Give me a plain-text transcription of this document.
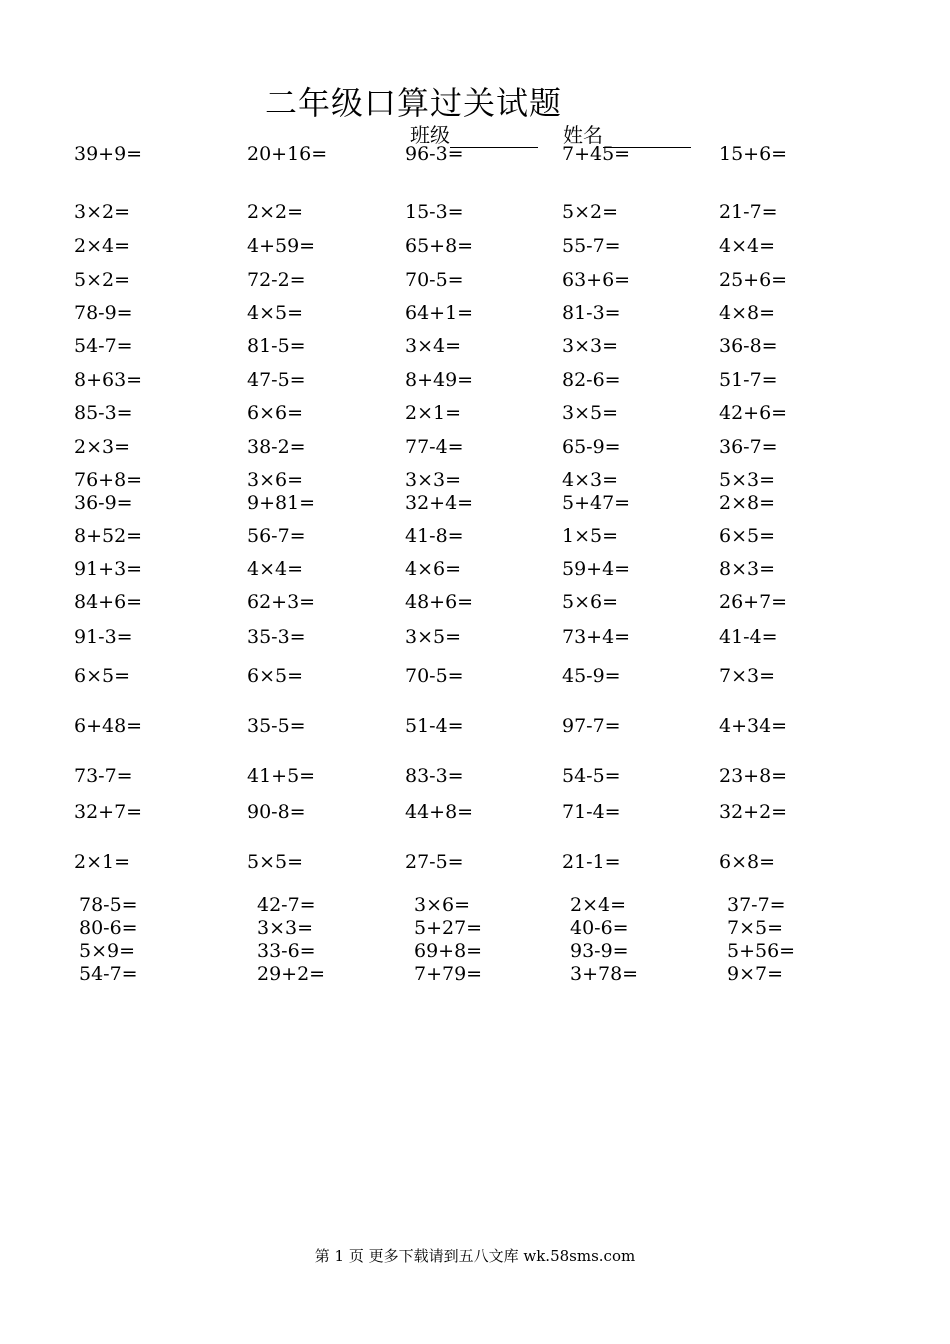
二年级口算过关试题
班级	姓名
39+9=	20+16=	96-3=	7+45=	15+6=
3×2=	2×2=	15-3=	5×2=	21-7=
2×4=	4+59=	65+8=	55-7=	4×4=
5×2=	72-2=	70-5=	63+6=	25+6=
78-9=	4×5=	64+1=	81-3=	4×8=
54-7=	81-5=	3×4=	3×3=	36-8=
8+63=	47-5=	8+49=	82-6=	51-7=
85-3=	6×6=	2×1=	3×5=	42+6=
2×3=	38-2=	77-4=	65-9=	36-7=
76+8=	3×6=	3×3=	4×3=	5×3=
36-9=	9+81=	32+4=	5+47=	2×8=
8+52=	56-7=	41-8=	1×5=	6×5=
91+3=	4×4=	4×6=	59+4=	8×3=
84+6=	62+3=	48+6=	5×6=	26+7=
91-3=	35-3=	3×5=	73+4=	41-4=
6×5=	6×5=	70-5=	45-9=	7×3=
6+48=	35-5=	51-4=	97-7=	4+34=
73-7=	41+5=	83-3=	54-5=	23+8=
32+7=	90-8=	44+8=	71-4=	32+2=
2×1=	5×5=	27-5=	21-1=	6×8=
78-5=	42-7=	3×6=	2×4=	37-7=
80-6=	3×3=	5+27=	40-6=	7×5=
5×9=	33-6=	69+8=	93-9=	5+56=
54-7=	29+2=	7+79=	3+78=	9×7=
第 1 页 更多下载请到五八文库 wk.58sms.com
